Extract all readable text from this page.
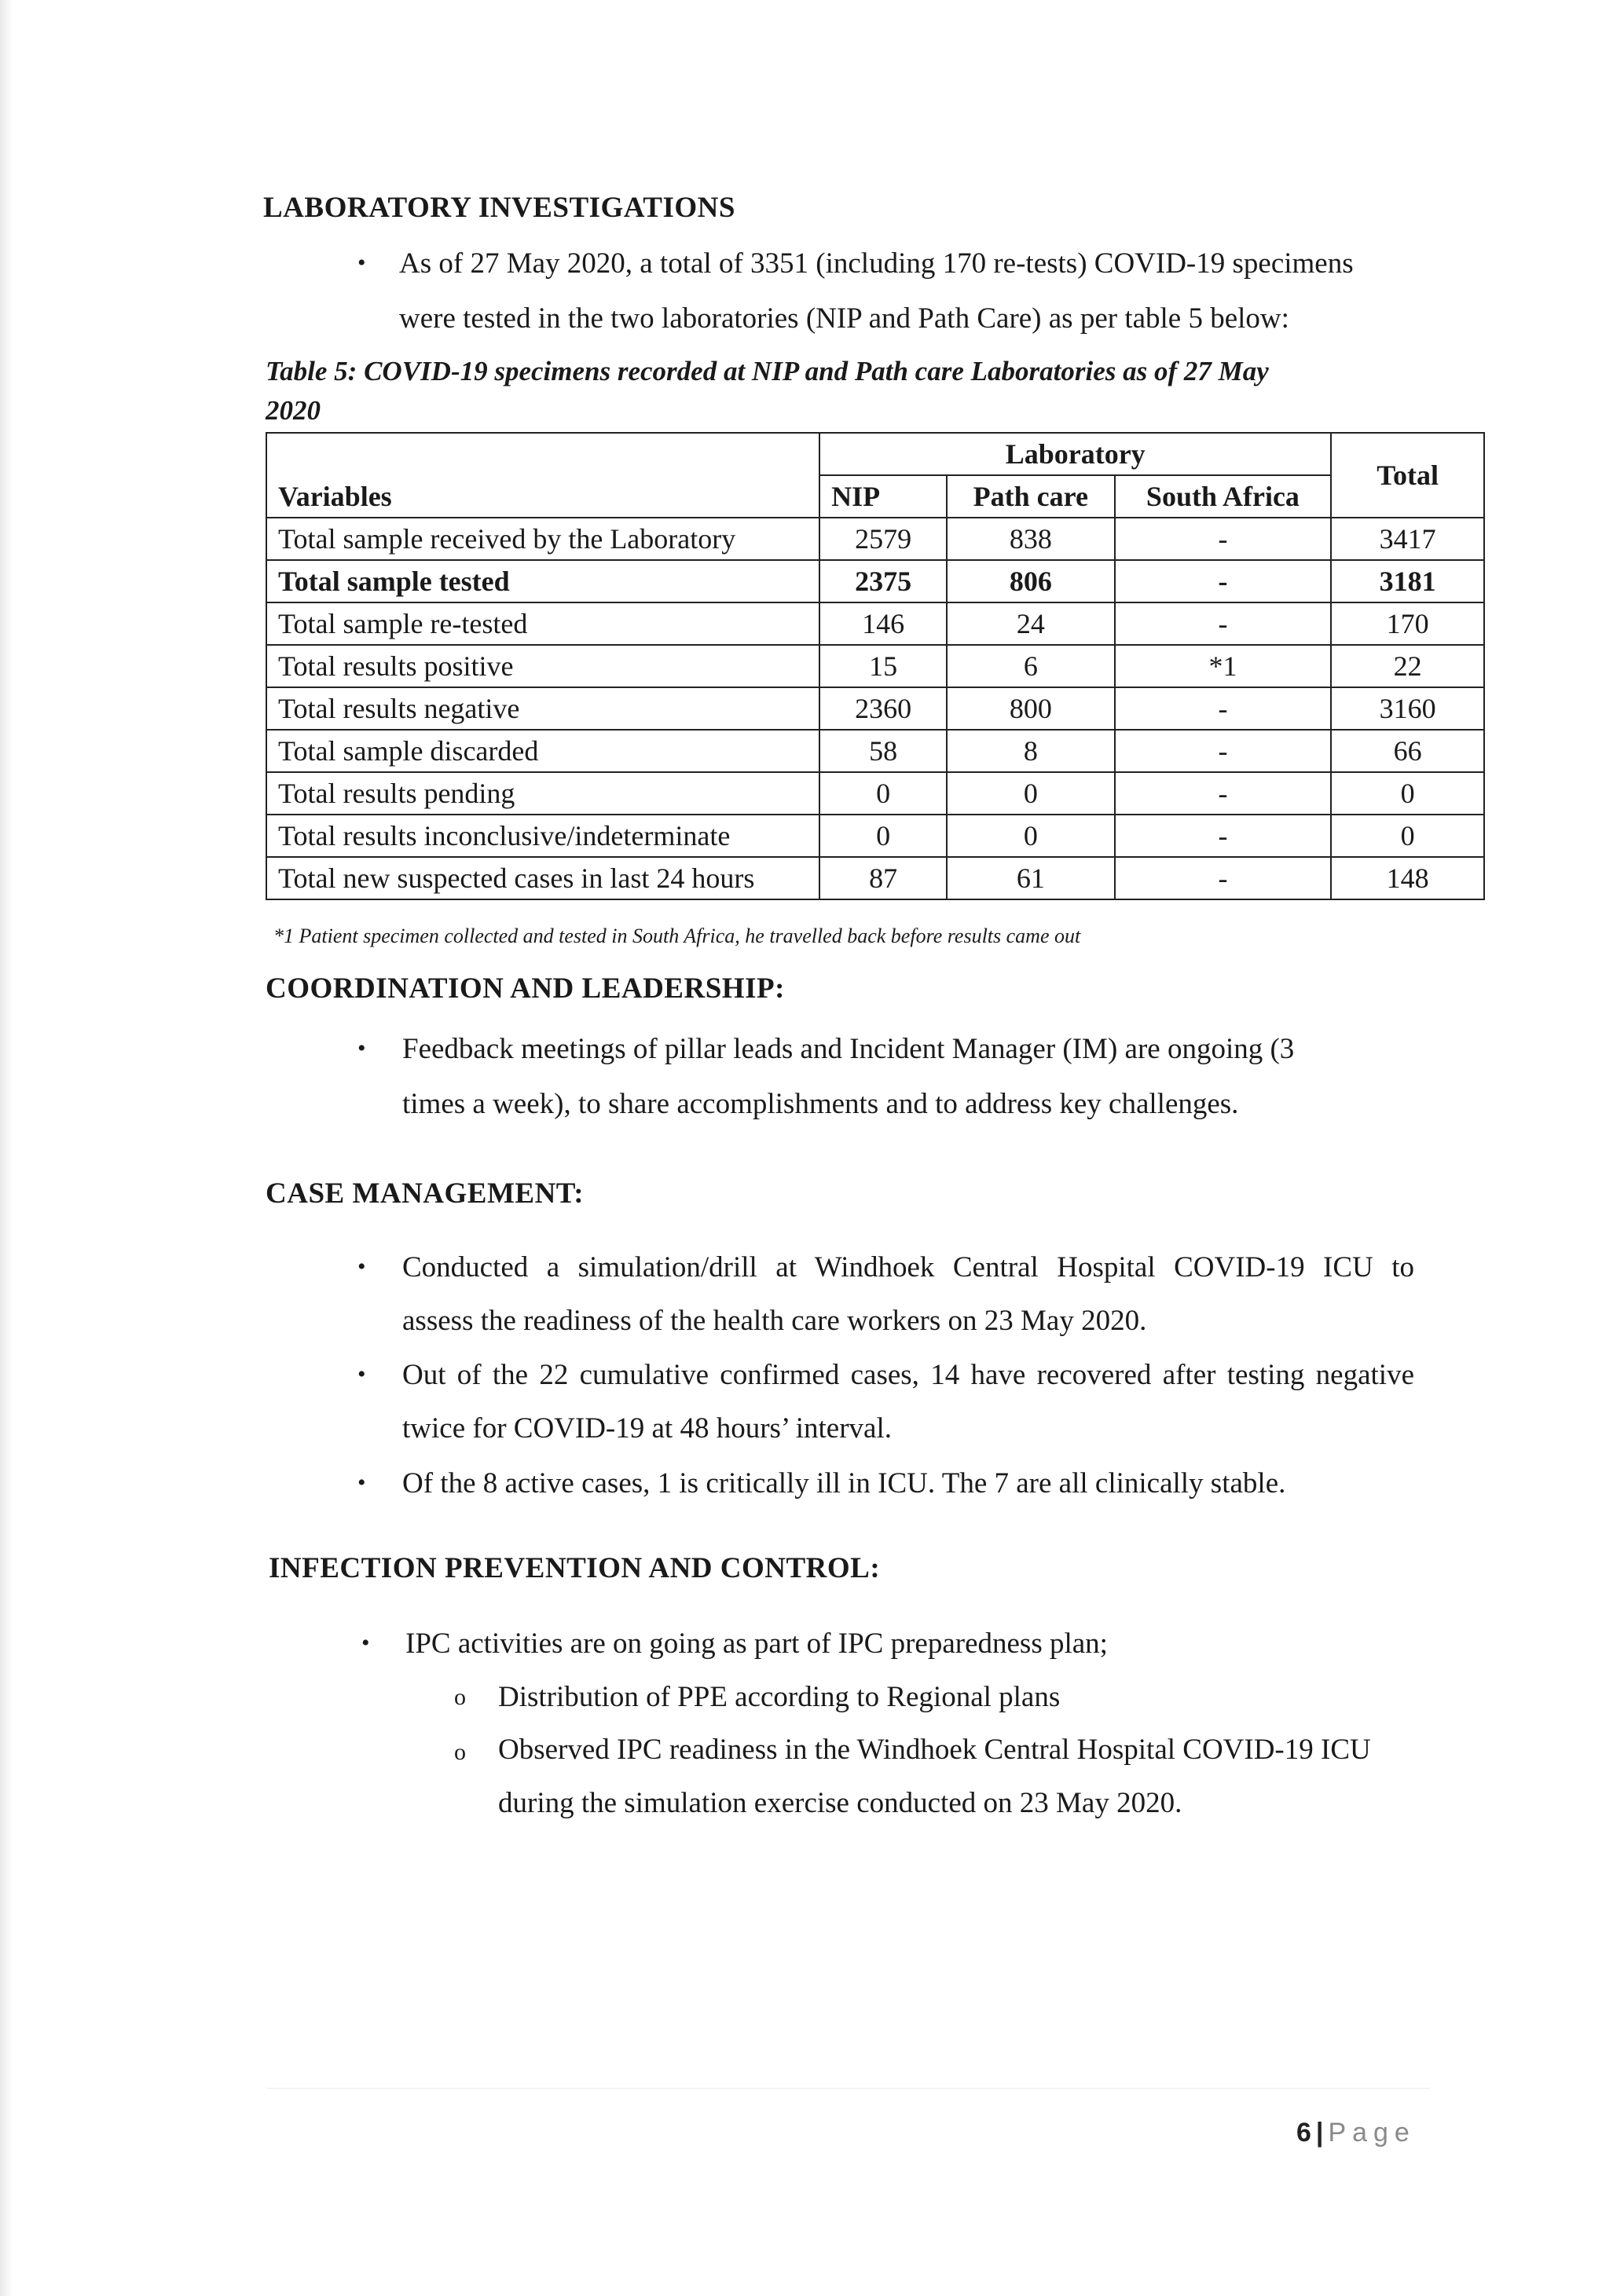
LABORATORY INVESTIGATIONS
• As of 27 May 2020, a total of 3351 (including 170 re-tests) COVID-19 specimens
were tested in the two laboratories (NIP and Path Care) as per table 5 below:
Table 5: COVID-19 specimens recorded at NIP and Path care Laboratories as of 27 May
2020
	Laboratory			Total
Variables	NIP	Path care	South Africa	
Total sample received by the Laboratory	2579	838	-	3417
Total sample tested	2375	806	-	3181
Total sample re-tested	146	24	-	170
Total results positive	15	6	*1	22
Total results negative	2360	800	-	3160
Total sample discarded	58	8	-	66
Total results pending	0	0	-	0
Total results inconclusive/indeterminate	0	0	-	0
Total new suspected cases in last 24 hours	87	61	-	148
*1 Patient specimen collected and tested in South Africa, he travelled back before results came out
COORDINATION AND LEADERSHIP:
• Feedback meetings of pillar leads and Incident Manager (IM) are ongoing (3
times a week), to share accomplishments and to address key challenges.
CASE MANAGEMENT:
• Conducted a simulation/drill at Windhoek Central Hospital COVID-19 ICU to
assess the readiness of the health care workers on 23 May 2020.
• Out of the 22 cumulative confirmed cases, 14 have recovered after testing negative
twice for COVID-19 at 48 hours’ interval.
• Of the 8 active cases, 1 is critically ill in ICU. The 7 are all clinically stable.
INFECTION PREVENTION AND CONTROL:
• IPC activities are on going as part of IPC preparedness plan;
o Distribution of PPE according to Regional plans
o Observed IPC readiness in the Windhoek Central Hospital COVID-19 ICU
during the simulation exercise conducted on 23 May 2020.
6 | Page
